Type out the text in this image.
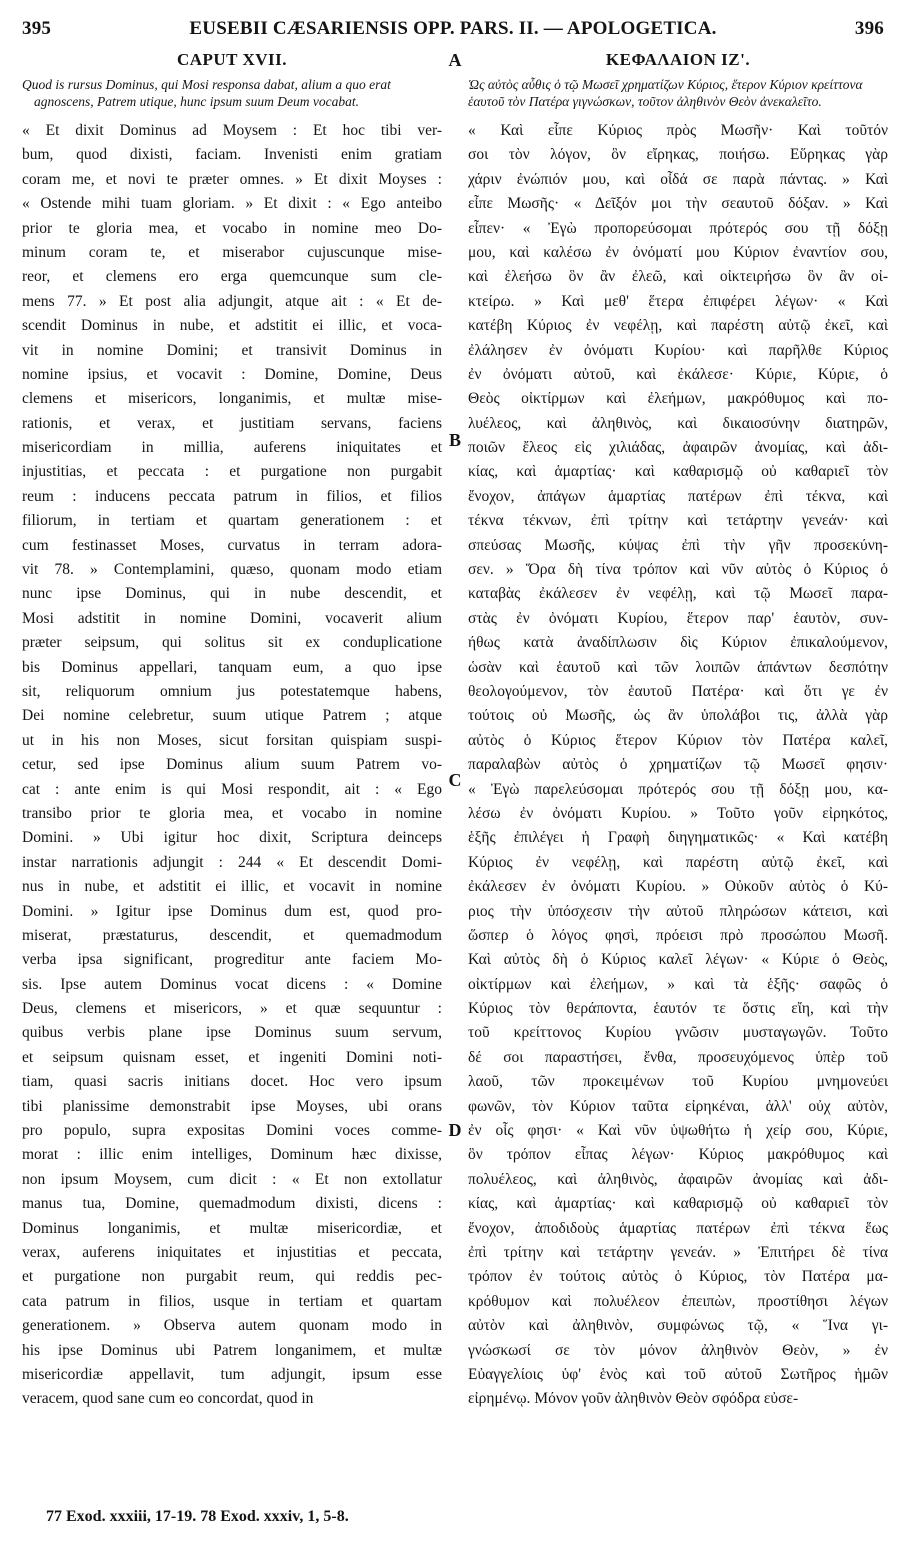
395	EUSEBII CÆSARIENSIS OPP. PARS. II. — APOLOGETICA.	396
CAPUT XVII.
Quod is rursus Dominus, qui Mosi responsa dabat, alium a quo erat agnoscens, Patrem utique, hunc ipsum suum Deum vocabat.
« Et dixit Dominus ad Moysem : Et hoc tibi ver-
bum, quod dixisti, faciam. Invenisti enim gratiam
coram me, et novi te præter omnes. » Et dixit Moyses :
« Ostende mihi tuam gloriam. » Et dixit : « Ego anteibo
prior te gloria mea, et vocabo in nomine meo Do-
minum coram te, et miserabor cujuscunque mise-
reor, et clemens ero erga quemcunque sum cle-
mens 77. » Et post alia adjungit, atque ait : « Et de-
scendit Dominus in nube, et adstitit ei illic, et voca-
vit in nomine Domini; et transivit Dominus in
nomine ipsius, et vocavit : Domine, Domine, Deus
clemens et misericors, longanimis, et multæ mise-
rationis, et verax, et justitiam servans, faciens
misericordiam in millia, auferens iniquitates et
injustitias, et peccata : et purgatione non purgabit
reum : inducens peccata patrum in filios, et filios
filiorum, in tertiam et quartam generationem : et
cum festinasset Moses, curvatus in terram adora-
vit 78. » Contemplamini, quæso, quonam modo etiam
nunc ipse Dominus, qui in nube descendit, et
Mosi adstitit in nomine Domini, vocaverit alium
præter seipsum, qui solitus sit ex conduplicatione
bis Dominus appellari, tanquam eum, a quo ipse
sit, reliquorum omnium jus potestatemque habens,
Dei nomine celebretur, suum utique Patrem ; atque
ut in his non Moses, sicut forsitan quispiam suspi-
cetur, sed ipse Dominus alium suum Patrem vo-
cat : ante enim is qui Mosi respondit, ait : « Ego
transibo prior te gloria mea, et vocabo in nomine
Domini. » Ubi igitur hoc dixit, Scriptura deinceps
instar narrationis adjungit : 244 « Et descendit Domi-
nus in nube, et adstitit ei illic, et vocavit in nomine
Domini. » Igitur ipse Dominus dum est, quod pro-
miserat, præstaturus, descendit, et quemadmodum
verba ipsa significant, progreditur ante faciem Mo-
sis. Ipse autem Dominus vocat dicens : « Domine
Deus, clemens et misericors, » et quæ sequuntur :
quibus verbis plane ipse Dominus suum servum,
et seipsum quisnam esset, et ingeniti Domini noti-
tiam, quasi sacris initians docet. Hoc vero ipsum
tibi planissime demonstrabit ipse Moyses, ubi orans
pro populo, supra expositas Domini voces comme-
morat : illic enim intelliges, Dominum hæc dixisse,
non ipsum Moysem, cum dicit : « Et non extollatur
manus tua, Domine, quemadmodum dixisti, dicens :
Dominus longanimis, et multæ misericordiæ, et
verax, auferens iniquitates et injustitias et peccata,
et purgatione non purgabit reum, qui reddis pec-
cata patrum in filios, usque in tertiam et quartam
generationem. » Observa autem quonam modo in
his ipse Dominus ubi Patrem longanimem, et multæ
misericordiæ appellavit, tum adjungit, ipsum esse
veracem, quod sane cum eo concordat, quod in
ΚΕΦΑΛΑΙΟΝ ΙΖ'.
Ὡς αὐτὸς αὖθις ὁ τῷ Μωσεῖ χρηματίζων Κύριος, ἕτερον Κύριον κρείττονα ἑαυτοῦ τὸν Πατέρα γιγνώσκων, τοῦτον ἀληθινὸν Θεὸν ἀνεκαλεῖτο.
« Καὶ εἶπε Κύριος πρὸς Μωσῆν· Καὶ τοῦτόν
σοι τὸν λόγον, ὃν εἴρηκας, ποιήσω. Εὕρηκας γὰρ
χάριν ἐνώπιόν μου, καὶ οἶδά σε παρὰ πάντας. » Καὶ
εἶπε Μωσῆς· « Δεῖξόν μοι τὴν σεαυτοῦ δόξαν. » Καὶ
εἶπεν· « Ἐγὼ προπορεύσομαι πρότερός σου τῇ δόξῃ
μου, καὶ καλέσω ἐν ὀνόματί μου Κύριον ἐναντίον σου,
καὶ ἐλεήσω ὃν ἂν ἐλεῶ, καὶ οἰκτειρήσω ὃν ἂν οἰ-
κτείρω. » Καὶ μεθ' ἕτερα ἐπιφέρει λέγων· « Καὶ
κατέβη Κύριος ἐν νεφέλῃ, καὶ παρέστη αὐτῷ ἐκεῖ, καὶ
ἐλάλησεν ἐν ὀνόματι Κυρίου· καὶ παρῆλθε Κύριος
ἐν ὀνόματι αὐτοῦ, καὶ ἐκάλεσε· Κύριε, Κύριε, ὁ
Θεὸς οἰκτίρμων καὶ ἐλεήμων, μακρόθυμος καὶ πο-
λυέλεος, καὶ ἀληθινὸς, καὶ δικαιοσύνην διατηρῶν,
ποιῶν ἔλεος εἰς χιλιάδας, ἀφαιρῶν ἀνομίας, καὶ ἀδι-
κίας, καὶ ἁμαρτίας· καὶ καθαρισμῷ οὐ καθαριεῖ τὸν
ἔνοχον, ἀπάγων ἁμαρτίας πατέρων ἐπὶ τέκνα, καὶ
τέκνα τέκνων, ἐπὶ τρίτην καὶ τετάρτην γενεάν· καὶ
σπεύσας Μωσῆς, κύψας ἐπὶ τὴν γῆν προσεκύνη-
σεν. » Ὅρα δὴ τίνα τρόπον καὶ νῦν αὐτὸς ὁ Κύριος ὁ
καταβὰς ἐκάλεσεν ἐν νεφέλῃ, καὶ τῷ Μωσεῖ παρα-
στὰς ἐν ὀνόματι Κυρίου, ἕτερον παρ' ἑαυτὸν, συν-
ήθως κατὰ ἀναδίπλωσιν δὶς Κύριον ἐπικαλούμενον,
ὡσὰν καὶ ἑαυτοῦ καὶ τῶν λοιπῶν ἁπάντων δεσπότην
θεολογούμενον, τὸν ἑαυτοῦ Πατέρα· καὶ ὅτι γε ἐν
τούτοις οὐ Μωσῆς, ὡς ἂν ὑπολάβοι τις, ἀλλὰ γὰρ
αὐτὸς ὁ Κύριος ἕτερον Κύριον τὸν Πατέρα καλεῖ,
παραλαβὼν αὐτὸς ὁ χρηματίζων τῷ Μωσεῖ φησιν·
« Ἐγὼ παρελεύσομαι πρότερός σου τῇ δόξῃ μου, κα-
λέσω ἐν ὀνόματι Κυρίου. » Τοῦτο γοῦν εἰρηκότος,
ἑξῆς ἐπιλέγει ἡ Γραφὴ διηγηματικῶς· « Καὶ κατέβη
Κύριος ἐν νεφέλῃ, καὶ παρέστη αὐτῷ ἐκεῖ, καὶ
ἐκάλεσεν ἐν ὀνόματι Κυρίου. » Οὐκοῦν αὐτὸς ὁ Κύ-
ριος τὴν ὑπόσχεσιν τὴν αὐτοῦ πληρώσων κάτεισι, καὶ
ὥσπερ ὁ λόγος φησὶ, πρόεισι πρὸ προσώπου Μωσῆ.
Καὶ αὐτὸς δὴ ὁ Κύριος καλεῖ λέγων· « Κύριε ὁ Θεὸς,
οἰκτίρμων καὶ ἐλεήμων, » καὶ τὰ ἑξῆς· σαφῶς ὁ
Κύριος τὸν θεράποντα, ἑαυτόν τε ὅστις εἴη, καὶ τὴν
τοῦ κρείττονος Κυρίου γνῶσιν μυσταγωγῶν. Τοῦτο
δέ σοι παραστήσει, ἔνθα, προσευχόμενος ὑπὲρ τοῦ
λαοῦ, τῶν προκειμένων τοῦ Κυρίου μνημονεύει
φωνῶν, τὸν Κύριον ταῦτα εἰρηκέναι, ἀλλ' οὐχ αὐτὸν,
ἐν οἷς φησι· « Καὶ νῦν ὑψωθήτω ἡ χείρ σου, Κύριε,
ὃν τρόπον εἶπας λέγων· Κύριος μακρόθυμος καὶ
πολυέλεος, καὶ ἀληθινὸς, ἀφαιρῶν ἀνομίας καὶ ἀδι-
κίας, καὶ ἁμαρτίας· καὶ καθαρισμῷ οὐ καθαριεῖ τὸν
ἔνοχον, ἀποδιδοὺς ἁμαρτίας πατέρων ἐπὶ τέκνα ἕως
ἐπὶ τρίτην καὶ τετάρτην γενεάν. » Ἐπιτήρει δὲ τίνα
τρόπον ἐν τούτοις αὐτὸς ὁ Κύριος, τὸν Πατέρα μα-
κρόθυμον καὶ πολυέλεον ἐπειπὼν, προστίθησι λέγων
αὐτὸν καὶ ἀληθινὸν, συμφώνως τῷ, « Ἵνα γι-
γνώσκωσί σε τὸν μόνον ἀληθινὸν Θεὸν, » ἐν
Εὐαγγελίοις ὑφ' ἑνὸς καὶ τοῦ αὐτοῦ Σωτῆρος ἡμῶν
εἰρημένῳ. Μόνον γοῦν ἀληθινὸν Θεὸν σφόδρα εὐσε-
A
B
C
D
77 Exod. xxxiii, 17-19. 78 Exod. xxxiv, 1, 5-8.
